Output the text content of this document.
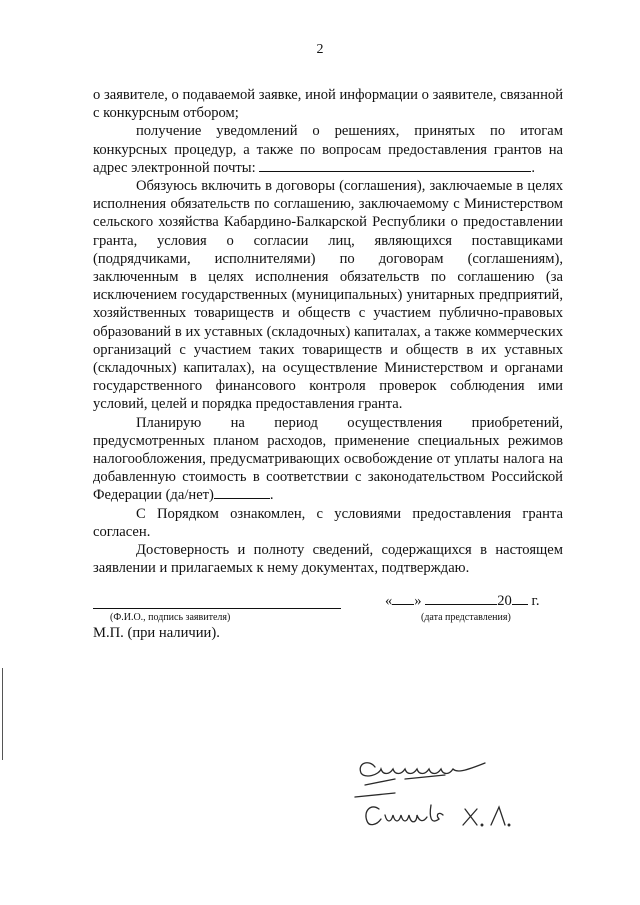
2

о заявителе, о подаваемой заявке, иной информации о заявителе, связанной с конкурсным отбором;

получение уведомлений о решениях, принятых по итогам конкурсных процедур, а также по вопросам предоставления грантов на адрес электронной почты:	.

Обязуюсь включить в договоры (соглашения), заключаемые в целях исполнения обязательств по соглашению, заключаемому с Министерством сельского хозяйства Кабардино-Балкарской Республики о предоставлении гранта, условия о согласии лиц, являющихся поставщиками (подрядчиками, исполнителями) по договорам (соглашениям), заключенным в целях исполнения обязательств по соглашению (за исключением государственных (муниципальных) унитарных предприятий, хозяйственных товариществ и обществ с участием публично-правовых образований в их уставных (складочных) капиталах, а также коммерческих организаций с участием таких товариществ и обществ в их уставных (складочных) капиталах), на осуществление Министерством и органами государственного финансового контроля проверок соблюдения ими условий, целей и порядка предоставления гранта.

Планирую на период осуществления приобретений, предусмотренных планом расходов, применение специальных режимов налогообложения, предусматривающих освобождение от уплаты налога на добавленную стоимость в соответствии с законодательством Российской Федерации (да/нет)	.

С Порядком ознакомлен, с условиями предоставления гранта согласен.

Достоверность и полноту сведений, содержащихся в настоящем заявлении и прилагаемых к нему документах, подтверждаю.

(Ф.И.О., подпись заявителя)
« »	20 г.
(дата представления)
М.П. (при наличии).
